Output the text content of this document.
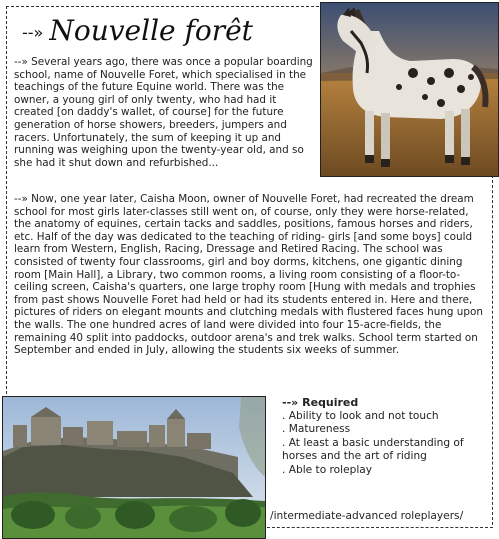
--» Nouvelle forêt
--» Several years ago, there was once a popular boarding school, name of Nouvelle Foret, which specialised in the teachings of the future Equine world. There was the owner, a young girl of only twenty, who had had it created [on daddy's wallet, of course] for the future generation of horse showers, breeders, jumpers and racers. Unfortunately, the sum of keeping it up and running was weighing upon the twenty-year old, and so she had it shut down and refurbished...
--» Now, one year later, Caisha Moon, owner of Nouvelle Foret, had recreated the dream school for most girls later-classes still went on, of course, only they were horse-related, the anatomy of equines, certain tacks and saddles, positions, famous horses and riders, etc. Half of the day was dedicated to the teaching of riding- girls [and some boys] could learn from Western, English, Racing, Dressage and Retired Racing. The school was consisted of twenty four classrooms, girl and boy dorms, kitchens, one gigantic dining room [Main Hall], a Library, two common rooms, a living room consisting of a floor-to-ceiling screen, Caisha's quarters, one large trophy room [Hung with medals and trophies from past shows Nouvelle Foret had held or had its students entered in. Here and there, pictures of riders on elegant mounts and clutching medals with flustered faces hung upon the walls. The one hundred acres of land were divided into four 15-acre-fields, the remaining 40 split into paddocks, outdoor arena's and trek walks. School term started on September and ended in July, allowing the students six weeks of summer.
--» Required
. Ability to look and not touch
. Matureness
. At least a basic understanding of horses and the art of riding
. Able to roleplay
/intermediate-advanced roleplayers/
